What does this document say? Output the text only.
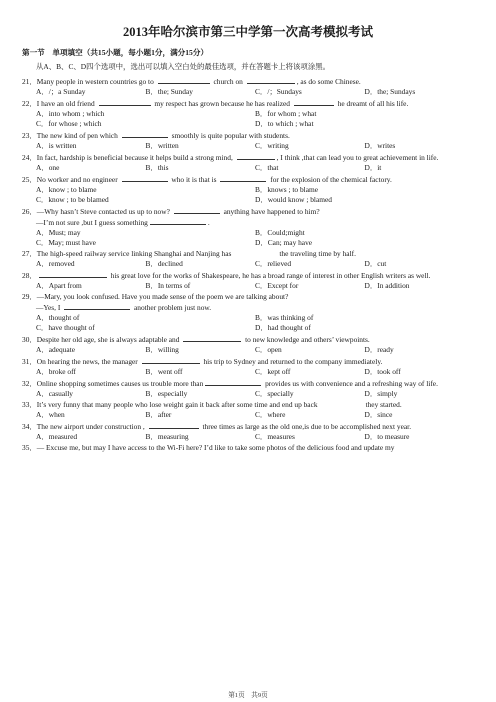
2013年哈尔滨市第三中学第一次高考模拟考试
第一节　单项填空（共15小题，每小题1分，满分15分）
从A、B、C、D四个选项中，选出可以填入空白处的最佳选项，并在答题卡上将该项涂黑。
21．Many people in western countries go to	church on	, as do some Chinese.
A．/；a Sunday	B．the; Sunday	C．/；Sundays	D．the; Sundays
22．I have an old friend	my respect has grown because he has realized	he dreamt of all his life.
A．into whom ; which	B．for whom ; what
C．for whose ; which	D．to which ; what
23．The new kind of pen which	smoothly is quite popular with students.
A．is written	B．written	C．writing	D．writes
24．In fact, hardship is beneficial because it helps build a strong mind,	, I think ,that can lead you to great achievement in life.
A．one	B．this	C．that	D．it
25．No worker and no engineer	who it is that is	for the explosion of the chemical factory.
A．know ; to blame	B．knows ; to blame
C．know ; to be blamed	D．would know ; blamed
26．—Why hasn’t Steve contacted us up to now?	anything have happened to him?
—I’m not sure ,but I guess something	.
A．Must; may	B．Could;might
C．May; must have	D．Can; may have
27．The high-speed railway service linking Shanghai and Nanjing has	the traveling time by half.
A．removed	B．declined	C．relieved	D．cut
28．	his great love for the works of Shakespeare, he has a broad range of interest in other English writers as well.
A．Apart from	B．In terms of	C．Except for	D．In addition
29．—Mary, you look confused. Have you made sense of the poem we are talking about?
—Yes, I	another problem just now.
A．thought of	B．was thinking of
C．have thought of	D．had thought of
30．Despite her old age, she is always adaptable and	to new knowledge and others’ viewpoints.
A．adequate	B．willing	C．open	D．ready
31．On hearing the news, the manager	his trip to Sydney and returned to the company immediately.
A．broke off	B．went off	C．kept off	D．took off
32．Online shopping sometimes causes us trouble more than	provides us with convenience and a refreshing way of life.
A．casually	B．especially	C．specially	D．simply
33．It’s very funny that many people who lose weight gain it back after some time and end up back	they started.
A．when	B．after	C．where	D．since
34．The new airport under construction ,	three times as large as the old one,is due to be accomplished next year.
A．measured	B．measuring	C．measures	D．to measure
35．— Excuse me, but may I have access to the Wi-Fi here? I’d like to take some photos of the delicious food and update my
第1页　共9页
